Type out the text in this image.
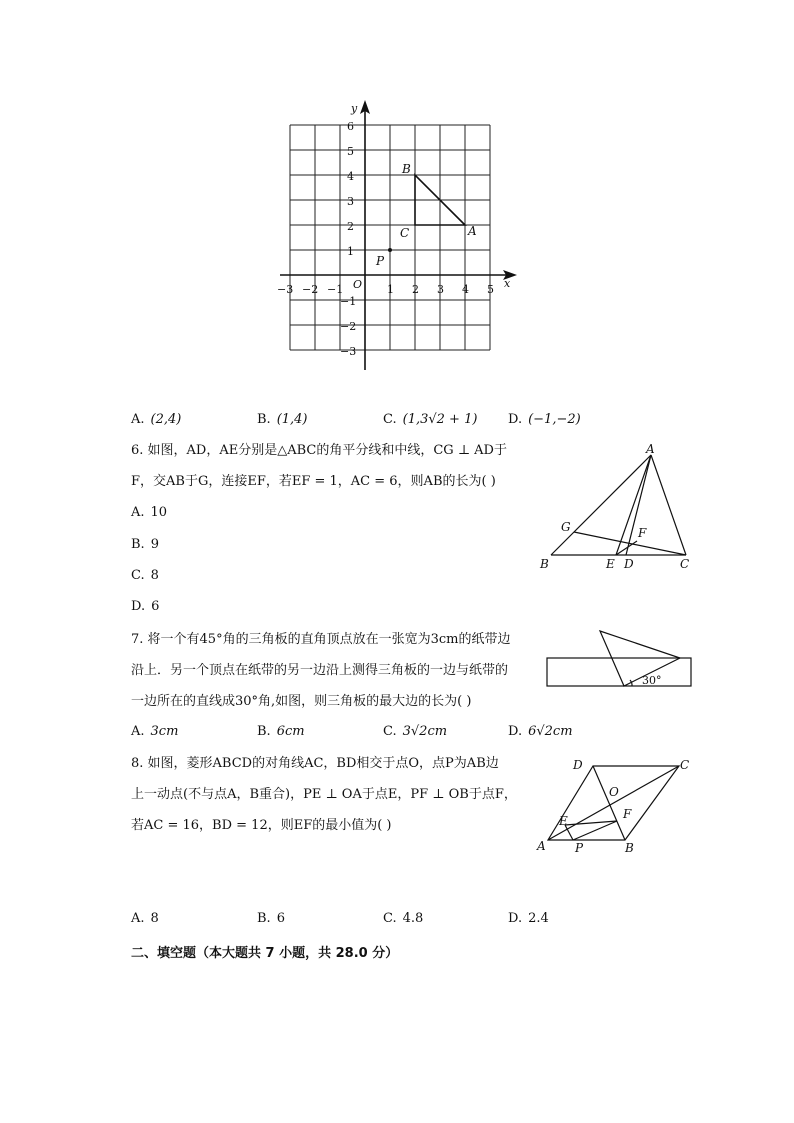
y
x
O
6
5
4
3
2
1
−1
−2
−3
−3 −2 −1	1 2 3 4 5
B
C	A
P
A. (2,4)	B. (1,4)	C. (1,3√2 + 1) D. (−1,−2)
6. 如图，AD，AE分别是△ABC的角平分线和中线，CG ⊥ AD于
F，交AB于G，连接EF，若EF = 1，AC = 6，则AB的长为( )
A. 10
B. 9
C. 8
D. 6
A
G	F
B	E D	C
7. 将一个有45°角的三角板的直角顶点放在一张宽为3cm的纸带边
沿上．另一个顶点在纸带的另一边沿上测得三角板的一边与纸带的
一边所在的直线成30°角,如图，则三角板的最大边的长为( )
A. 3cm	B. 6cm	C. 3√2cm	D. 6√2cm
30°
8. 如图，菱形ABCD的对角线AC，BD相交于点O，点P为AB边
上一动点(不与点A，B重合)，PE ⊥ OA于点E，PF ⊥ OB于点F，
若AC = 16，BD = 12，则EF的最小值为( )
D	C
O
F
E
A P	B
A. 8	B. 6	C. 4.8	D. 2.4
二、填空题（本大题共 7 小题，共 28.0 分）
